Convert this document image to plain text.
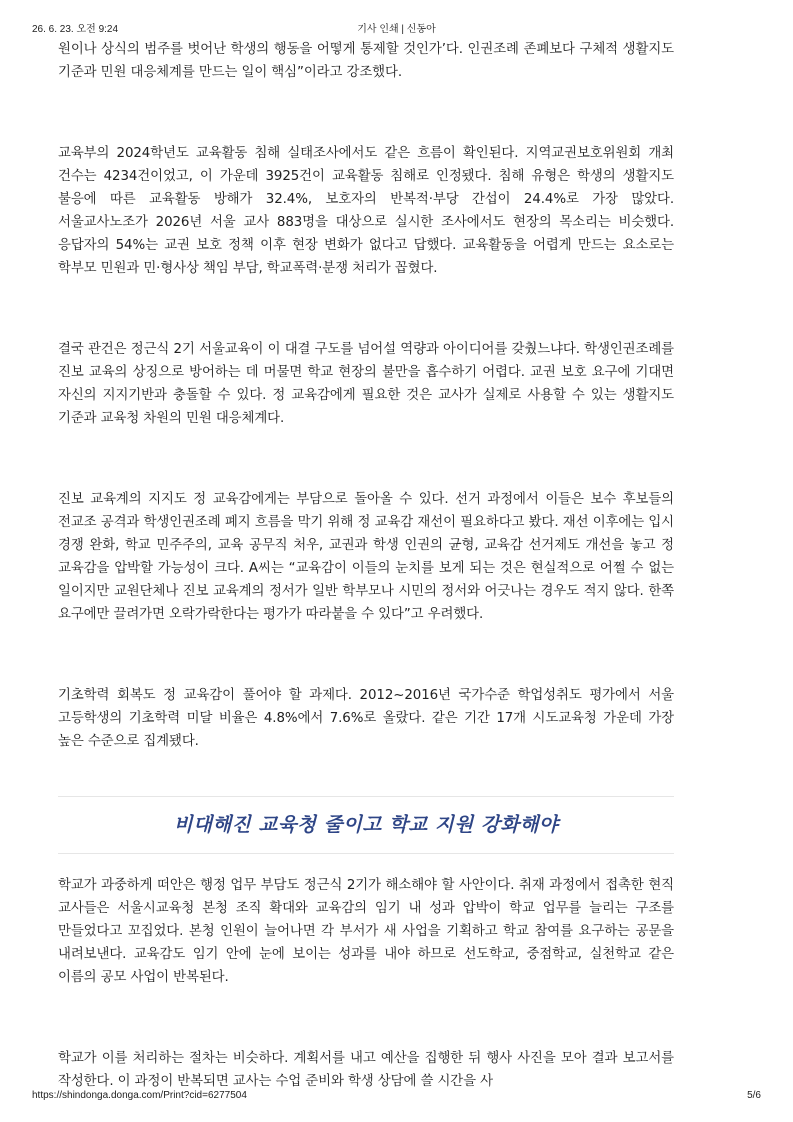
26. 6. 23. 오전 9:24	기사 인쇄 | 신동아

원이나 상식의 범주를 벗어난 학생의 행동을 어떻게 통제할 것인가’다. 인권조례 존폐보다 구체적 생활지도 기준과 민원 대응체계를 만드는 일이 핵심”이라고 강조했다.

교육부의 2024학년도 교육활동 침해 실태조사에서도 같은 흐름이 확인된다. 지역교권보호위원회 개최 건수는 4234건이었고, 이 가운데 3925건이 교육활동 침해로 인정됐다. 침해 유형은 학생의 생활지도 불응에 따른 교육활동 방해가 32.4%, 보호자의 반복적·부당 간섭이 24.4%로 가장 많았다. 서울교사노조가 2026년 서울 교사 883명을 대상으로 실시한 조사에서도 현장의 목소리는 비슷했다. 응답자의 54%는 교권 보호 정책 이후 현장 변화가 없다고 답했다. 교육활동을 어렵게 만드는 요소로는 학부모 민원과 민·형사상 책임 부담, 학교폭력·분쟁 처리가 꼽혔다.

결국 관건은 정근식 2기 서울교육이 이 대결 구도를 넘어설 역량과 아이디어를 갖췄느냐다. 학생인권조례를 진보 교육의 상징으로 방어하는 데 머물면 학교 현장의 불만을 흡수하기 어렵다. 교권 보호 요구에 기대면 자신의 지지기반과 충돌할 수 있다. 정 교육감에게 필요한 것은 교사가 실제로 사용할 수 있는 생활지도 기준과 교육청 차원의 민원 대응체계다.

진보 교육계의 지지도 정 교육감에게는 부담으로 돌아올 수 있다. 선거 과정에서 이들은 보수 후보들의 전교조 공격과 학생인권조례 폐지 흐름을 막기 위해 정 교육감 재선이 필요하다고 봤다. 재선 이후에는 입시 경쟁 완화, 학교 민주주의, 교육 공무직 처우, 교권과 학생 인권의 균형, 교육감 선거제도 개선을 놓고 정 교육감을 압박할 가능성이 크다. A씨는 “교육감이 이들의 눈치를 보게 되는 것은 현실적으로 어쩔 수 없는 일이지만 교원단체나 진보 교육계의 정서가 일반 학부모나 시민의 정서와 어긋나는 경우도 적지 않다. 한쪽 요구에만 끌려가면 오락가락한다는 평가가 따라붙을 수 있다”고 우려했다.

기초학력 회복도 정 교육감이 풀어야 할 과제다. 2012~2016년 국가수준 학업성취도 평가에서 서울 고등학생의 기초학력 미달 비율은 4.8%에서 7.6%로 올랐다. 같은 기간 17개 시도교육청 가운데 가장 높은 수준으로 집계됐다.

비대해진 교육청 줄이고 학교 지원 강화해야

학교가 과중하게 떠안은 행정 업무 부담도 정근식 2기가 해소해야 할 사안이다. 취재 과정에서 접촉한 현직 교사들은 서울시교육청 본청 조직 확대와 교육감의 임기 내 성과 압박이 학교 업무를 늘리는 구조를 만들었다고 꼬집었다. 본청 인원이 늘어나면 각 부서가 새 사업을 기획하고 학교 참여를 요구하는 공문을 내려보낸다. 교육감도 임기 안에 눈에 보이는 성과를 내야 하므로 선도학교, 중점학교, 실천학교 같은 이름의 공모 사업이 반복된다.

학교가 이를 처리하는 절차는 비슷하다. 계획서를 내고 예산을 집행한 뒤 행사 사진을 모아 결과 보고서를 작성한다. 이 과정이 반복되면 교사는 수업 준비와 학생 상담에 쓸 시간을 사

https://shindonga.donga.com/Print?cid=6277504	5/6
